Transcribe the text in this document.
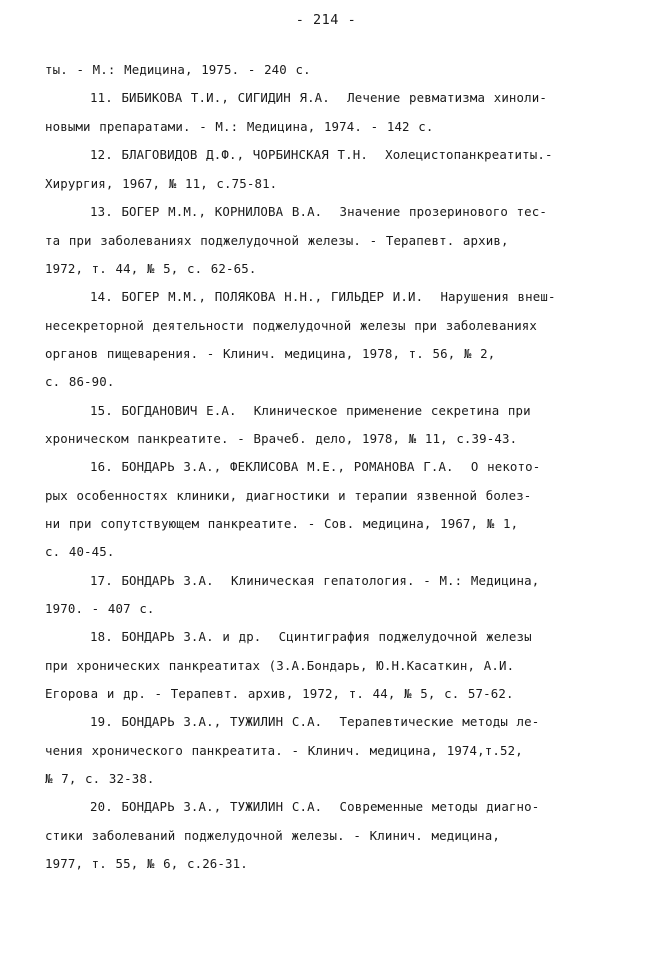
- 214 -
ты. - М.: Медицина, 1975. - 240 с.
11. БИБИКОВА Т.И., СИГИДИН Я.А.  Лечение ревматизма хиноли-
новыми препаратами. - М.: Медицина, 1974. - 142 с.
12. БЛАГОВИДОВ Д.Ф., ЧОРБИНСКАЯ Т.Н.  Холецистопанкреатиты.-
Хирургия, 1967, № 11, с.75-81.
13. БОГЕР М.М., КОРНИЛОВА В.А.  Значение прозеринового тес-
та при заболеваниях поджелудочной железы. - Терапевт. архив,
1972, т. 44, № 5, с. 62-65.
14. БОГЕР М.М., ПОЛЯКОВА Н.Н., ГИЛЬДЕР И.И.  Нарушения внеш-
несекреторной деятельности поджелудочной железы при заболеваниях
органов пищеварения. - Клинич. медицина, 1978, т. 56, № 2,
с. 86-90.
15. БОГДАНОВИЧ Е.А.  Клиническое применение секретина при
хроническом панкреатите. - Врачеб. дело, 1978, № 11, с.39-43.
16. БОНДАРЬ З.А., ФЕКЛИСОВА М.Е., РОМАНОВА Г.А.  О некото-
рых особенностях клиники, диагностики и терапии язвенной болез-
ни при сопутствующем панкреатите. - Сов. медицина, 1967, № 1,
с. 40-45.
17. БОНДАРЬ З.А.  Клиническая гепатология. - М.: Медицина,
1970. - 407 с.
18. БОНДАРЬ З.А. и др.  Сцинтиграфия поджелудочной железы
при хронических панкреатитах (З.А.Бондарь, Ю.Н.Касаткин, А.И.
Егорова и др. - Терапевт. архив, 1972, т. 44, № 5, с. 57-62.
19. БОНДАРЬ З.А., ТУЖИЛИН С.А.  Терапевтические методы ле-
чения хронического панкреатита. - Клинич. медицина, 1974,т.52,
№ 7, с. 32-38.
20. БОНДАРЬ З.А., ТУЖИЛИН С.А.  Современные методы диагно-
стики заболеваний поджелудочной железы. - Клинич. медицина,
1977, т. 55, № 6, с.26-31.
